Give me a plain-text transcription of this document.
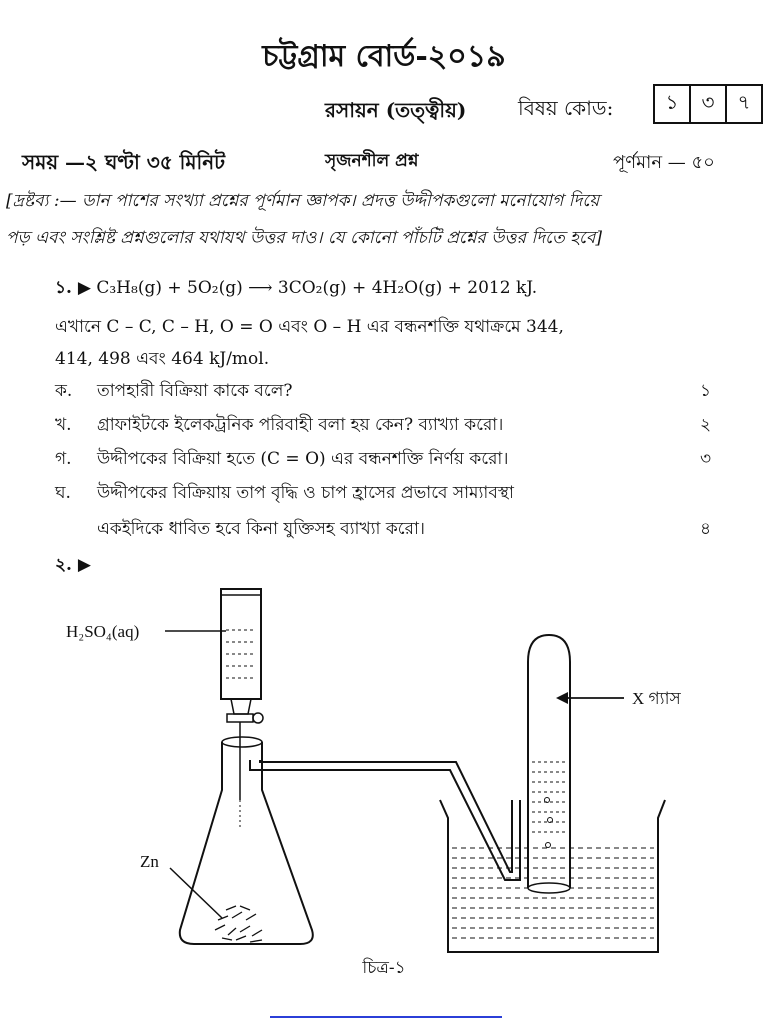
চট্টগ্রাম বোর্ড-২০১৯
রসায়ন (তত্ত্বীয়)	বিষয় কোড:	১	৩	৭
সময় —২ ঘণ্টা ৩৫ মিনিট	সৃজনশীল প্রশ্ন	পূর্ণমান — ৫০
[দ্রষ্টব্য :— ডান পাশের সংখ্যা প্রশ্নের পূর্ণমান জ্ঞাপক। প্রদত্ত উদ্দীপকগুলো মনোযোগ দিয়ে
পড় এবং সংশ্লিষ্ট প্রশ্নগুলোর যথাযথ উত্তর দাও। যে কোনো পাঁচটি প্রশ্নের উত্তর দিতে হবে]
১. ▶ C₃H₈(g) + 5O₂(g) ⟶ 3CO₂(g) + 4H₂O(g) + 2012 kJ.
এখানে C – C, C – H, O = O এবং O – H এর বন্ধনশক্তি যথাক্রমে 344,
414, 498 এবং 464 kJ/mol.
ক. তাপহারী বিক্রিয়া কাকে বলে?	১
খ. গ্রাফাইটকে ইলেকট্রনিক পরিবাহী বলা হয় কেন? ব্যাখ্যা করো।	২
গ. উদ্দীপকের বিক্রিয়া হতে (C = O) এর বন্ধনশক্তি নির্ণয় করো।	৩
ঘ. উদ্দীপকের বিক্রিয়ায় তাপ বৃদ্ধি ও চাপ হ্রাসের প্রভাবে সাম্যাবস্থা
একইদিকে ধাবিত হবে কিনা যুক্তিসহ ব্যাখ্যা করো।	৪
২. ▶
H₂SO₄(aq)
X গ্যাস
Zn
চিত্র-১
